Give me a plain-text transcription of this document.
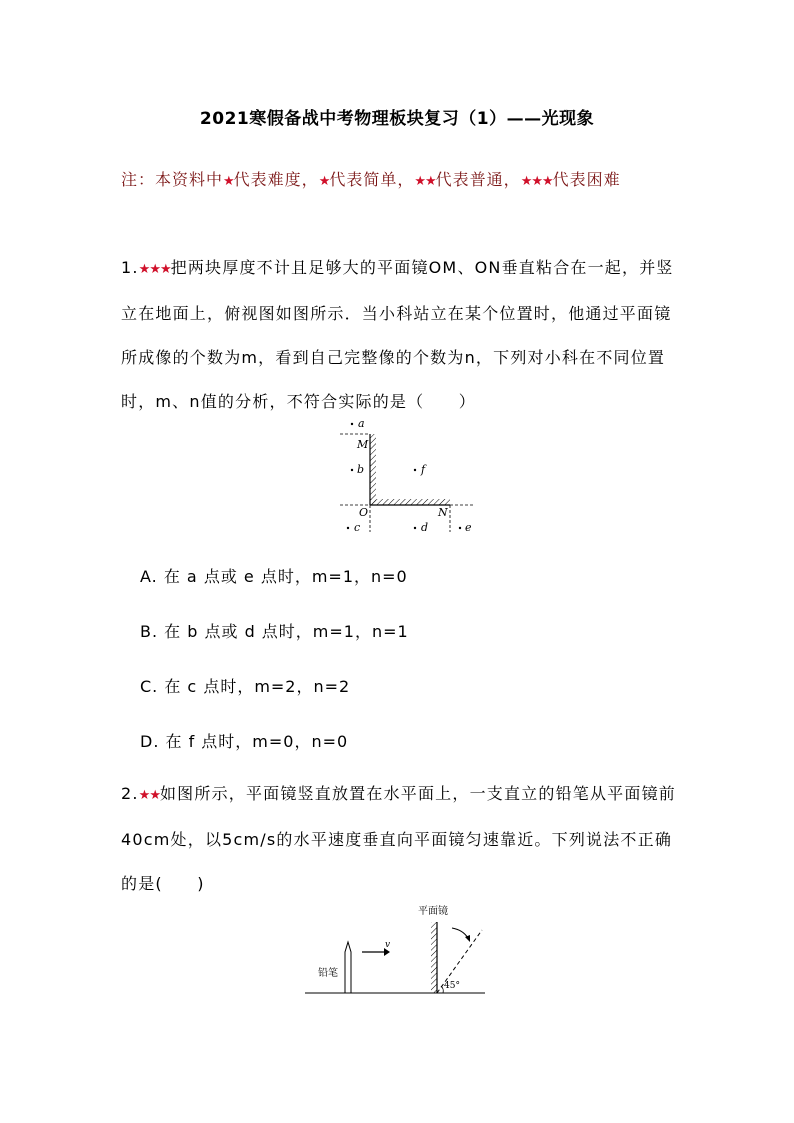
2021寒假备战中考物理板块复习（1）——光现象
注：本资料中★代表难度，★代表简单，★★代表普通，★★★代表困难
1.★★★把两块厚度不计且足够大的平面镜OM、ON垂直粘合在一起，并竖立在地面上，俯视图如图所示．当小科站立在某个位置时，他通过平面镜所成像的个数为m，看到自己完整像的个数为n，下列对小科在不同位置时，m、n值的分析，不符合实际的是（　　）
a
M
b	f
O	N
c	d	e
A. 在 a 点或 e 点时，m=1，n=0
B. 在 b 点或 d 点时，m=1，n=1
C. 在 c 点时，m=2，n=2
D. 在 f 点时，m=0，n=0
2.★★如图所示，平面镜竖直放置在水平面上，一支直立的铅笔从平面镜前40cm处，以5cm/s的水平速度垂直向平面镜匀速靠近。下列说法不正确的是(　　)
平面镜
铅笔
v
45°
